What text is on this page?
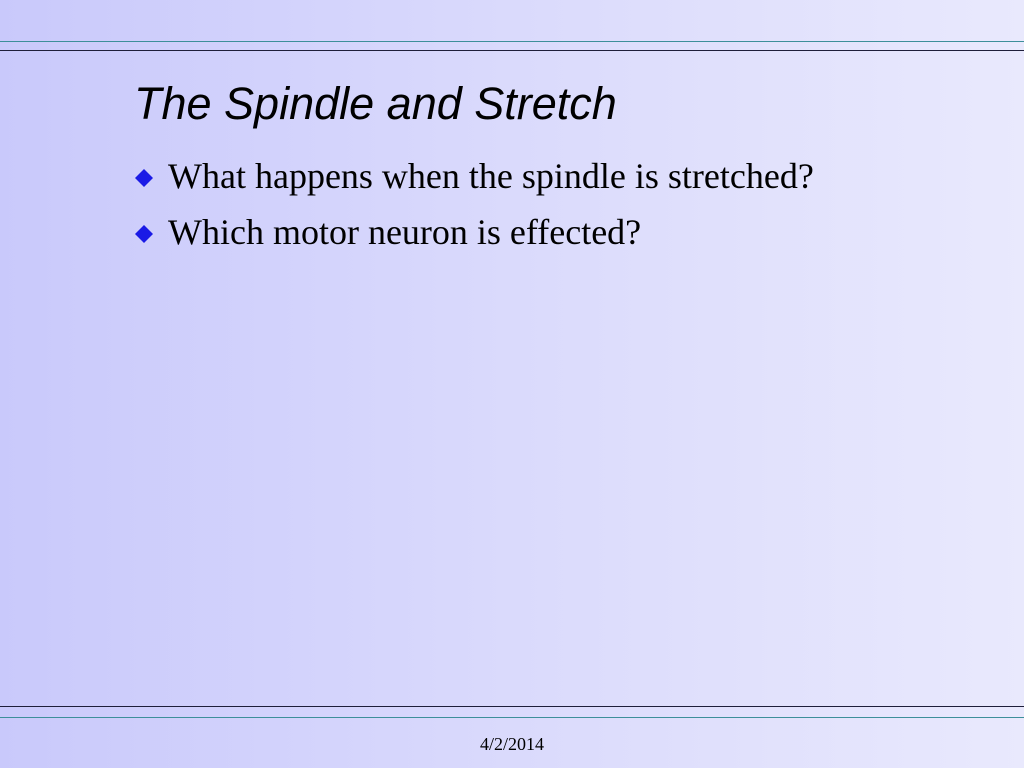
The Spindle and Stretch
What happens when the spindle is stretched?
Which motor neuron is effected?
4/2/2014
